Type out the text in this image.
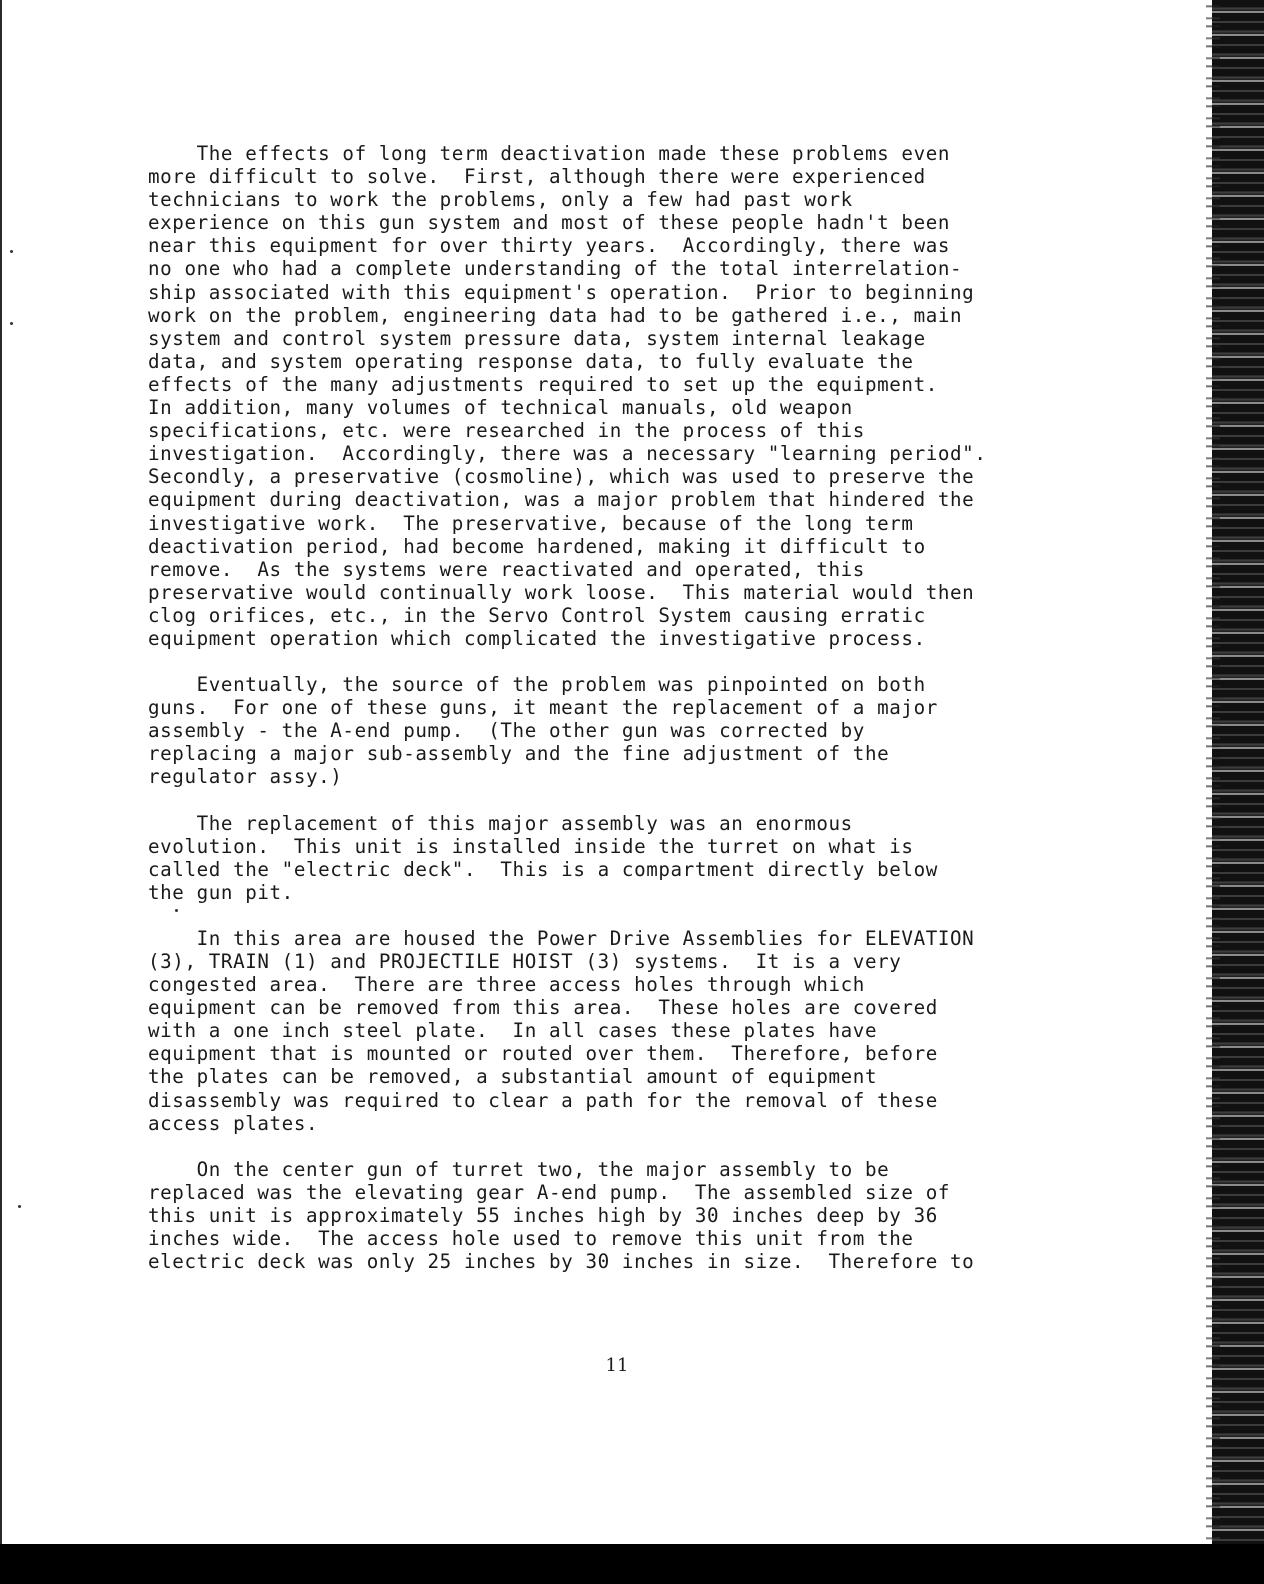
The effects of long term deactivation made these problems even
more difficult to solve.  First, although there were experienced
technicians to work the problems, only a few had past work
experience on this gun system and most of these people hadn't been
near this equipment for over thirty years.  Accordingly, there was
no one who had a complete understanding of the total interrelation-
ship associated with this equipment's operation.  Prior to beginning
work on the problem, engineering data had to be gathered i.e., main
system and control system pressure data, system internal leakage
data, and system operating response data, to fully evaluate the
effects of the many adjustments required to set up the equipment.
In addition, many volumes of technical manuals, old weapon
specifications, etc. were researched in the process of this
investigation.  Accordingly, there was a necessary "learning period".
Secondly, a preservative (cosmoline), which was used to preserve the
equipment during deactivation, was a major problem that hindered the
investigative work.  The preservative, because of the long term
deactivation period, had become hardened, making it difficult to
remove.  As the systems were reactivated and operated, this
preservative would continually work loose.  This material would then
clog orifices, etc., in the Servo Control System causing erratic
equipment operation which complicated the investigative process.
Eventually, the source of the problem was pinpointed on both
guns.  For one of these guns, it meant the replacement of a major
assembly - the A-end pump.  (The other gun was corrected by
replacing a major sub-assembly and the fine adjustment of the
regulator assy.)
The replacement of this major assembly was an enormous
evolution.  This unit is installed inside the turret on what is
called the "electric deck".  This is a compartment directly below
the gun pit.
In this area are housed the Power Drive Assemblies for ELEVATION
(3), TRAIN (1) and PROJECTILE HOIST (3) systems.  It is a very
congested area.  There are three access holes through which
equipment can be removed from this area.  These holes are covered
with a one inch steel plate.  In all cases these plates have
equipment that is mounted or routed over them.  Therefore, before
the plates can be removed, a substantial amount of equipment
disassembly was required to clear a path for the removal of these
access plates.
On the center gun of turret two, the major assembly to be
replaced was the elevating gear A-end pump.  The assembled size of
this unit is approximately 55 inches high by 30 inches deep by 36
inches wide.  The access hole used to remove this unit from the
electric deck was only 25 inches by 30 inches in size.  Therefore to
11
